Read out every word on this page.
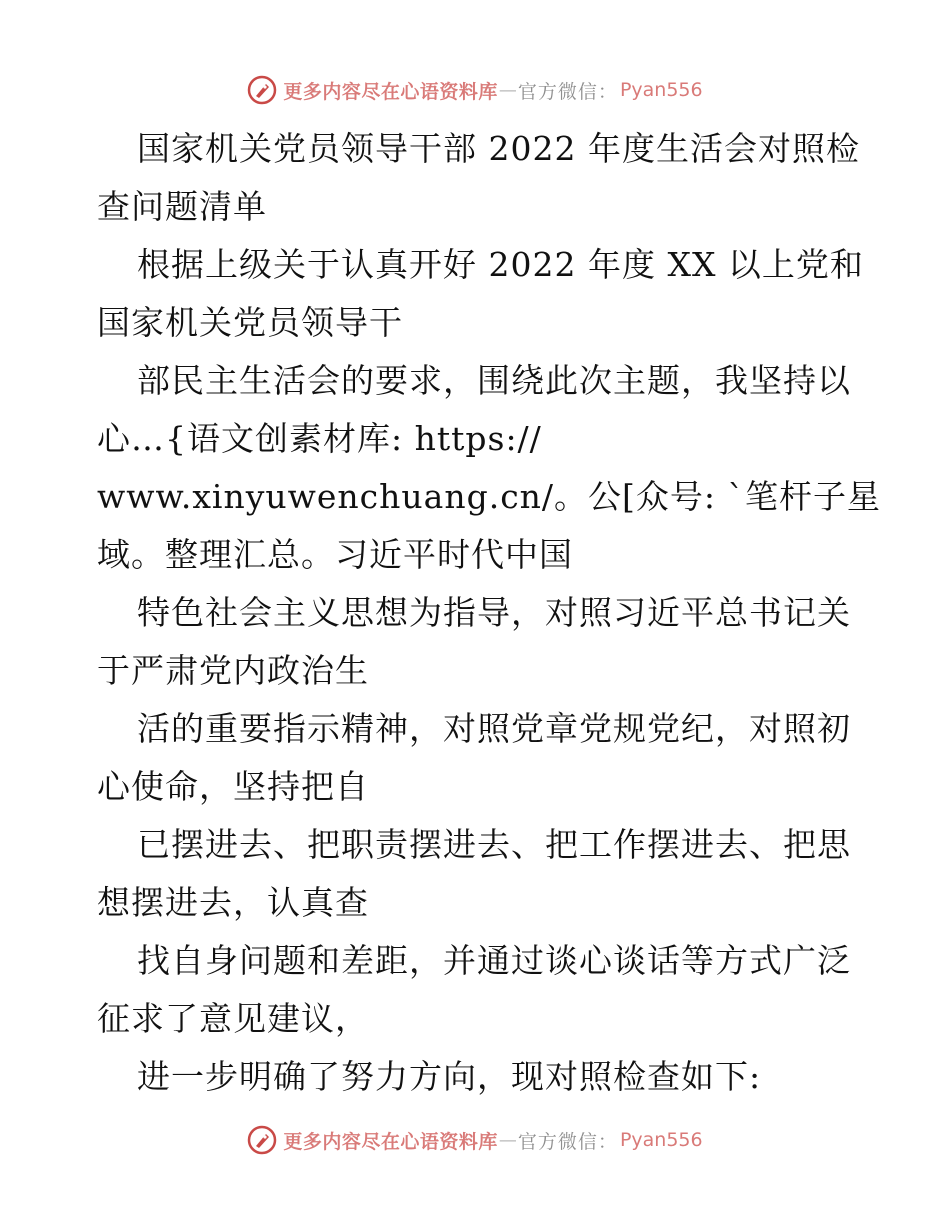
更多内容尽在心语资料库 — 官方微信： Pyan556
国家机关党员领导干部 2022 年度生活会对照检
查问题清单
根据上级关于认真开好 2022 年度 XX 以上党和
国家机关党员领导干
部民主生活会的要求，围绕此次主题，我坚持以
心…{语文创素材库: https://
www.xinyuwenchuang.cn/。公[众号: `笔杆子星
域。整理汇总。习近平时代中国
特色社会主义思想为指导，对照习近平总书记关
于严肃党内政治生
活的重要指示精神，对照党章党规党纪，对照初
心使命，坚持把自
已摆进去、把职责摆进去、把工作摆进去、把思
想摆进去，认真查
找自身问题和差距，并通过谈心谈话等方式广泛
征求了意见建议，
进一步明确了努力方向，现对照检查如下:
更多内容尽在心语资料库 — 官方微信： Pyan556
